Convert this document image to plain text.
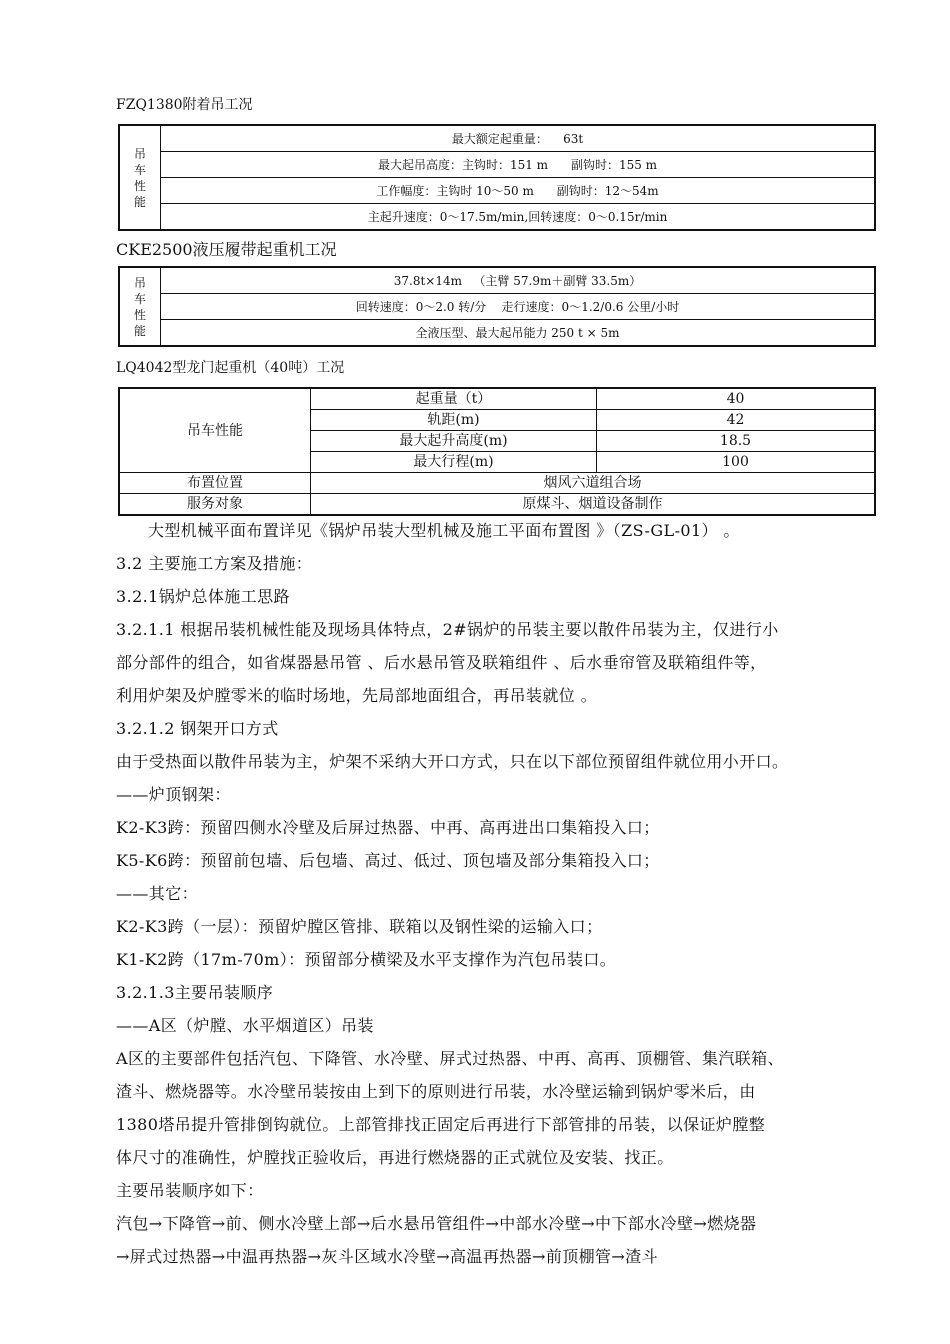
FZQ1380附着吊工况
吊
车
性
能	最大额定起重量：    63t
最大起吊高度：主钩时：151 m      副钩时：155 m
工作幅度：主钩时 10～50 m      副钩时：12～54m
主起升速度：0～17.5m/min,回转速度：0～0.15r/min
CKE2500液压履带起重机工况
吊
车
性
能	37.8t×14m   （主臂 57.9m＋副臂 33.5m）
回转速度：0～2.0 转/分    走行速度：0～1.2/0.6 公里/小时
全液压型、最大起吊能力 250 t × 5m
LQ4042型龙门起重机（40吨）工况
吊车性能	起重量（t）	40
	轨距(m)	42
	最大起升高度(m)	18.5
	最大行程(m)	100
布置位置	烟风六道组合场	
服务对象	原煤斗、烟道设备制作	
大型机械平面布置详见《锅炉吊装大型机械及施工平面布置图 》（ZS-GL-01） 。
3.2 主要施工方案及措施：
3.2.1锅炉总体施工思路
3.2.1.1 根据吊装机械性能及现场具体特点，2#锅炉的吊装主要以散件吊装为主，仅进行小
部分部件的组合，如省煤器悬吊管 、后水悬吊管及联箱组件 、后水垂帘管及联箱组件等，
利用炉架及炉膛零米的临时场地，先局部地面组合，再吊装就位 。
3.2.1.2 钢架开口方式
由于受热面以散件吊装为主，炉架不采纳大开口方式，只在以下部位预留组件就位用小开口。
——炉顶钢架：
K2-K3跨：预留四侧水冷壁及后屏过热器、中再、高再进出口集箱投入口；
K5-K6跨：预留前包墙、后包墙、高过、低过、顶包墙及部分集箱投入口；
——其它：
K2-K3跨（一层）：预留炉膛区管排、联箱以及钢性梁的运输入口；
K1-K2跨（17m-70m）：预留部分横梁及水平支撑作为汽包吊装口。
3.2.1.3主要吊装顺序
——A区（炉膛、水平烟道区）吊装
A区的主要部件包括汽包、下降管、水冷壁、屏式过热器、中再、高再、顶棚管、集汽联箱、
渣斗、燃烧器等。水冷壁吊装按由上到下的原则进行吊装，水冷壁运输到锅炉零米后，由
1380塔吊提升管排倒钩就位。上部管排找正固定后再进行下部管排的吊装，以保证炉膛整
体尺寸的准确性，炉膛找正验收后，再进行燃烧器的正式就位及安装、找正。
主要吊装顺序如下：
汽包→下降管→前、侧水冷壁上部→后水悬吊管组件→中部水冷壁→中下部水冷壁→燃烧器
→屏式过热器→中温再热器→灰斗区域水冷壁→高温再热器→前顶棚管→渣斗
